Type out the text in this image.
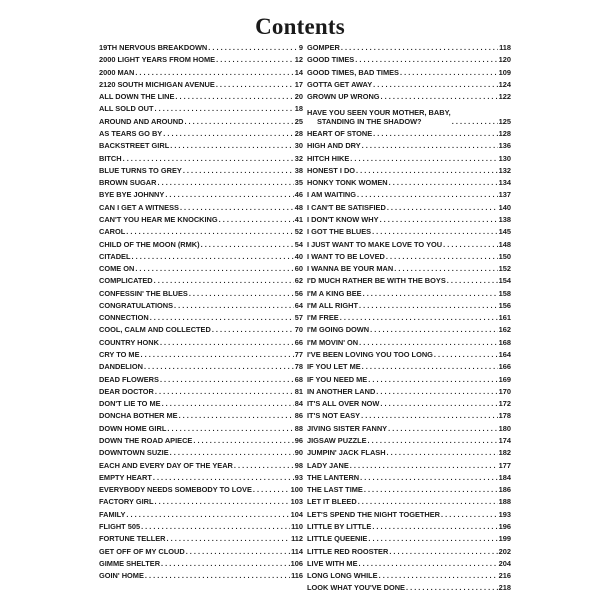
Contents
19TH NERVOUS BREAKDOWN . . .	9
2000 LIGHT YEARS FROM HOME . . .	12
2000 MAN . . .	14
2120 SOUTH MICHIGAN AVENUE . . .	17
ALL DOWN THE LINE . . .	20
ALL SOLD OUT . . .	18
AROUND AND AROUND . . .	25
AS TEARS GO BY . . .	28
BACKSTREET GIRL . . .	30
BITCH . . .	32
BLUE TURNS TO GREY . . .	38
BROWN SUGAR . . .	35
BYE BYE JOHNNY . . .	46
CAN I GET A WITNESS . . .	48
CAN'T YOU HEAR ME KNOCKING . . .	41
CAROL . . .	52
CHILD OF THE MOON (RMK) . . .	54
CITADEL . . .	40
COME ON . . .	60
COMPLICATED . . .	62
CONFESSIN' THE BLUES . . .	56
CONGRATULATIONS . . .	64
CONNECTION . . .	57
COOL, CALM AND COLLECTED . . .	70
COUNTRY HONK . . .	66
CRY TO ME . . .	77
DANDELION . . .	78
DEAD FLOWERS . . .	68
DEAR DOCTOR . . .	81
DON'T LIE TO ME . . .	84
DONCHA BOTHER ME . . .	86
DOWN HOME GIRL . . .	88
DOWN THE ROAD APIECE . . .	96
DOWNTOWN SUZIE . . .	90
EACH AND EVERY DAY OF THE YEAR . . .	98
EMPTY HEART . . .	93
EVERYBODY NEEDS SOMEBODY TO LOVE . . .	100
FACTORY GIRL . . .	103
FAMILY . . .	104
FLIGHT 505 . . .	110
FORTUNE TELLER . . .	112
GET OFF OF MY CLOUD . . .	114
GIMME SHELTER . . .	106
GOIN' HOME . . .	116
GOMPER . . .	118
GOOD TIMES . . .	120
GOOD TIMES, BAD TIMES . . .	109
GOTTA GET AWAY . . .	124
GROWN UP WRONG . . .	122
HAVE YOU SEEN YOUR MOTHER, BABY,
STANDING IN THE SHADOW? . . .	125
HEART OF STONE . . .	128
HIGH AND DRY . . .	136
HITCH HIKE . . .	130
HONEST I DO . . .	132
HONKY TONK WOMEN . . .	134
I AM WAITING . . .	137
I CAN'T BE SATISFIED . . .	140
I DON'T KNOW WHY . . .	138
I GOT THE BLUES . . .	145
I JUST WANT TO MAKE LOVE TO YOU . . .	148
I WANT TO BE LOVED . . .	150
I WANNA BE YOUR MAN . . .	152
I'D MUCH RATHER BE WITH THE BOYS . . .	154
I'M A KING BEE . . .	158
I'M ALL RIGHT . . .	156
I'M FREE . . .	161
I'M GOING DOWN . . .	162
I'M MOVIN' ON . . .	168
I'VE BEEN LOVING YOU TOO LONG . . .	164
IF YOU LET ME . . .	166
IF YOU NEED ME . . .	169
IN ANOTHER LAND . . .	170
IT'S ALL OVER NOW . . .	172
IT'S NOT EASY . . .	178
JIVING SISTER FANNY . . .	180
JIGSAW PUZZLE . . .	174
JUMPIN' JACK FLASH . . .	182
LADY JANE . . .	177
THE LANTERN . . .	184
THE LAST TIME . . .	186
LET IT BLEED . . .	188
LET'S SPEND THE NIGHT TOGETHER . . .	193
LITTLE BY LITTLE . . .	196
LITTLE QUEENIE . . .	199
LITTLE RED ROOSTER . . .	202
LIVE WITH ME . . .	204
LONG LONG WHILE . . .	216
LOOK WHAT YOU'VE DONE . . .	218
